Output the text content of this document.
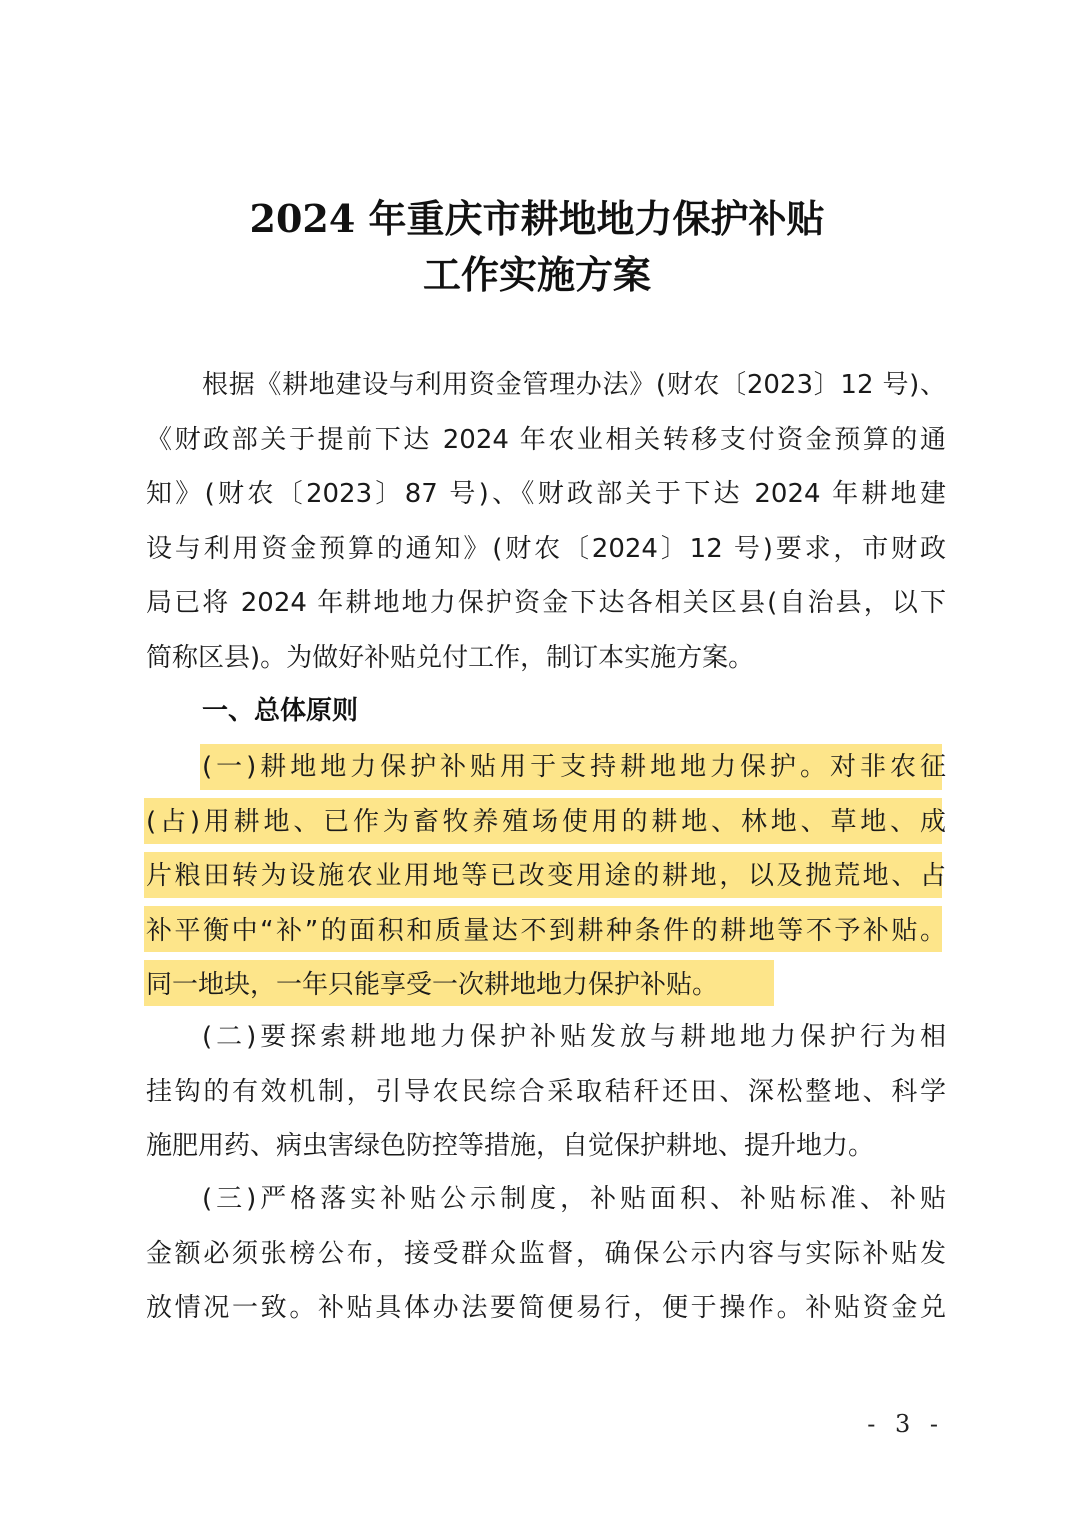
2024 年重庆市耕地地力保护补贴
工作实施方案
根据《耕地建设与利用资金管理办法》(财农〔2023〕12 号)、
《财政部关于提前下达 2024 年农业相关转移支付资金预算的通
知》(财农〔2023〕87 号)、《财政部关于下达 2024 年耕地建
设与利用资金预算的通知》(财农〔2024〕12 号)要求，市财政
局已将 2024 年耕地地力保护资金下达各相关区县(自治县，以下
简称区县)。为做好补贴兑付工作，制订本实施方案。
一、总体原则
(一)耕地地力保护补贴用于支持耕地地力保护。对非农征
(占)用耕地、已作为畜牧养殖场使用的耕地、林地、草地、成
片粮田转为设施农业用地等已改变用途的耕地，以及抛荒地、占
补平衡中“补”的面积和质量达不到耕种条件的耕地等不予补贴。
同一地块，一年只能享受一次耕地地力保护补贴。
(二)要探索耕地地力保护补贴发放与耕地地力保护行为相
挂钩的有效机制，引导农民综合采取秸秆还田、深松整地、科学
施肥用药、病虫害绿色防控等措施，自觉保护耕地、提升地力。
(三)严格落实补贴公示制度，补贴面积、补贴标准、补贴
金额必须张榜公布，接受群众监督，确保公示内容与实际补贴发
放情况一致。补贴具体办法要简便易行，便于操作。补贴资金兑
- 3 -
